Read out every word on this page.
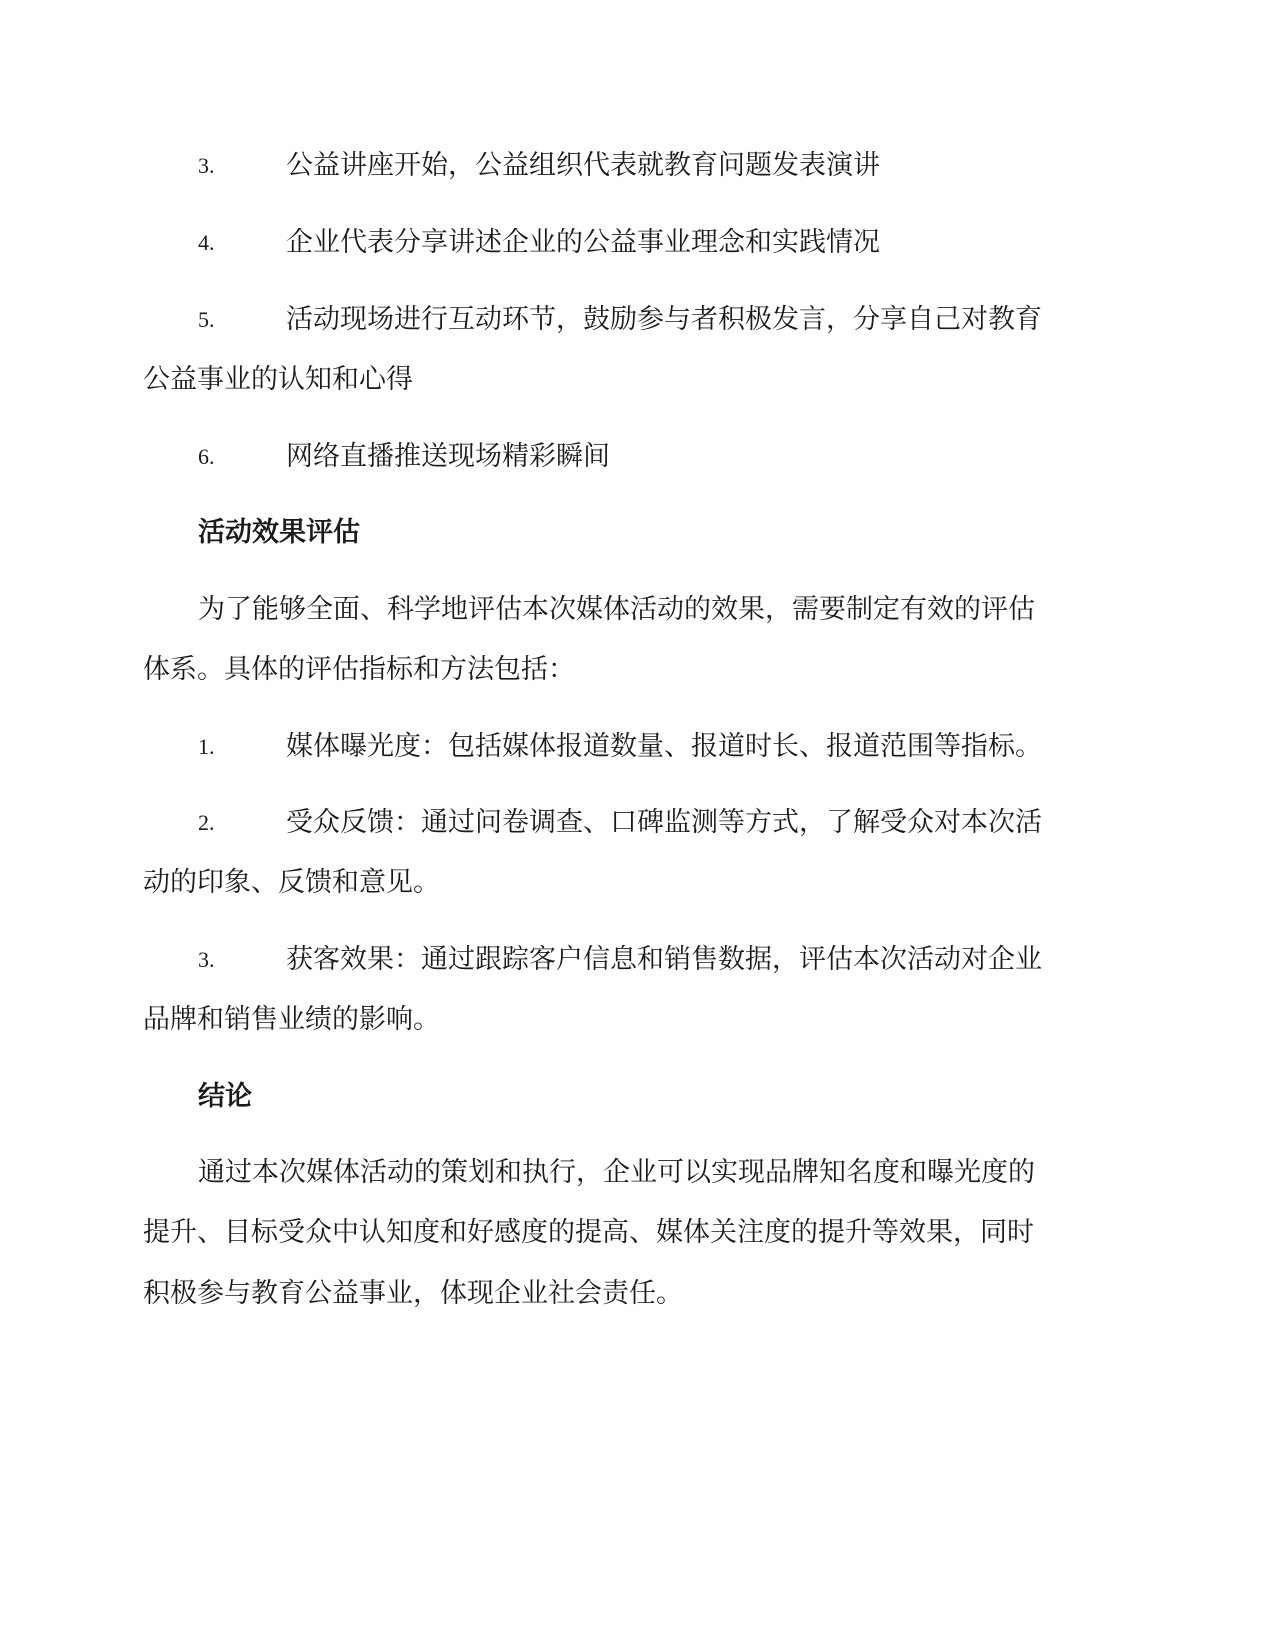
3.	公益讲座开始，公益组织代表就教育问题发表演讲
4.	企业代表分享讲述企业的公益事业理念和实践情况
5.	活动现场进行互动环节，鼓励参与者积极发言，分享自己对教育
公益事业的认知和心得
6.	网络直播推送现场精彩瞬间
活动效果评估
为了能够全面、科学地评估本次媒体活动的效果，需要制定有效的评估
体系。具体的评估指标和方法包括：
1.	媒体曝光度：包括媒体报道数量、报道时长、报道范围等指标。
2.	受众反馈：通过问卷调查、口碑监测等方式，了解受众对本次活
动的印象、反馈和意见。
3.	获客效果：通过跟踪客户信息和销售数据，评估本次活动对企业
品牌和销售业绩的影响。
结论
通过本次媒体活动的策划和执行，企业可以实现品牌知名度和曝光度的
提升、目标受众中认知度和好感度的提高、媒体关注度的提升等效果，同时
积极参与教育公益事业，体现企业社会责任。
